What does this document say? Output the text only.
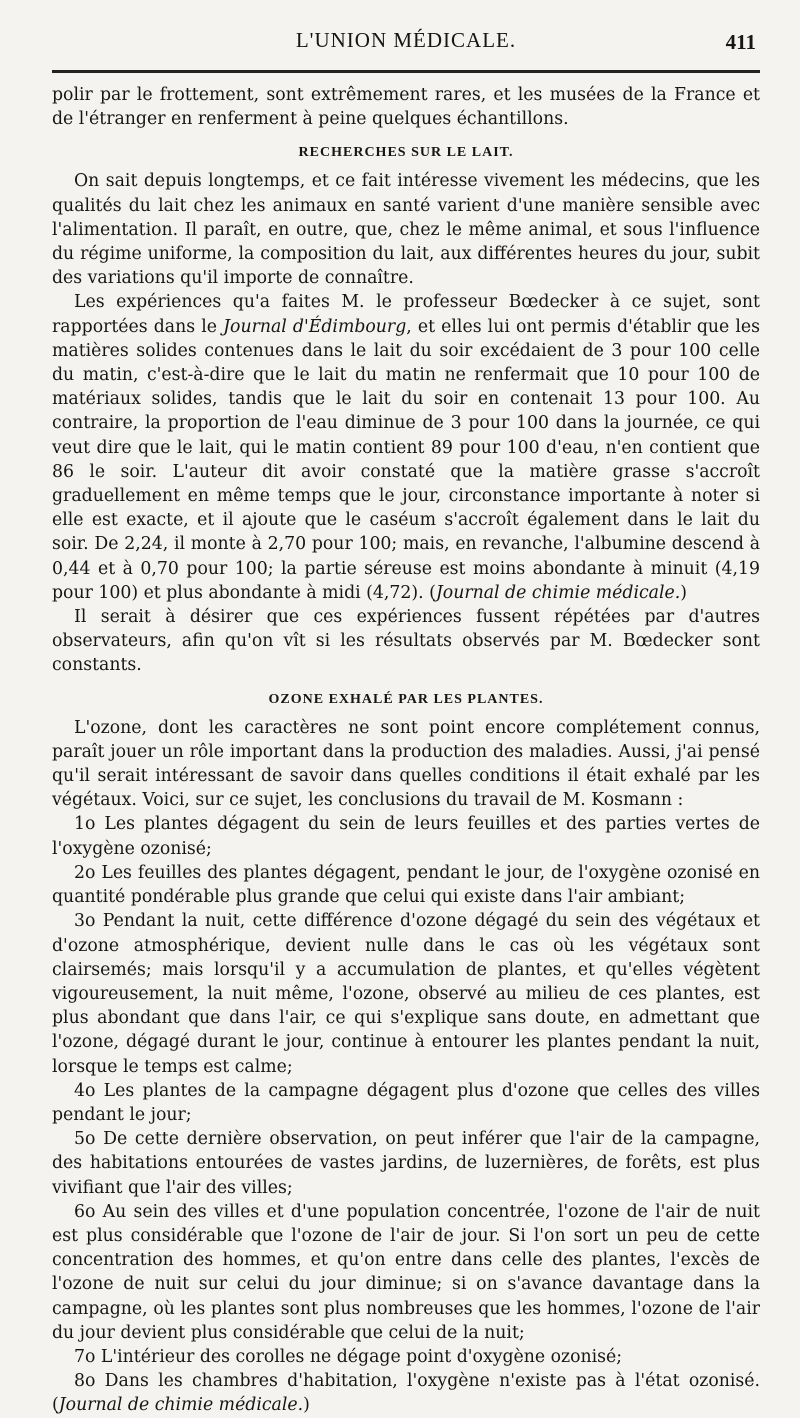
L'UNION MÉDICALE.	411

polir par le frottement, sont extrêmement rares, et les musées de la France et de l'étranger en renferment à peine quelques échantillons.

RECHERCHES SUR LE LAIT.

On sait depuis longtemps, et ce fait intéresse vivement les médecins, que les qualités du lait chez les animaux en santé varient d'une manière sensible avec l'alimentation. Il paraît, en outre, que, chez le même animal, et sous l'influence du régime uniforme, la composition du lait, aux différentes heures du jour, subit des variations qu'il importe de connaître.

Les expériences qu'a faites M. le professeur Bœdecker à ce sujet, sont rapportées dans le Journal d'Édimbourg, et elles lui ont permis d'établir que les matières solides contenues dans le lait du soir excédaient de 3 pour 100 celle du matin, c'est-à-dire que le lait du matin ne renfermait que 10 pour 100 de matériaux solides, tandis que le lait du soir en contenait 13 pour 100. Au contraire, la proportion de l'eau diminue de 3 pour 100 dans la journée, ce qui veut dire que le lait, qui le matin contient 89 pour 100 d'eau, n'en contient que 86 le soir. L'auteur dit avoir constaté que la matière grasse s'accroît graduellement en même temps que le jour, circonstance importante à noter si elle est exacte, et il ajoute que le caséum s'accroît également dans le lait du soir. De 2,24, il monte à 2,70 pour 100; mais, en revanche, l'albumine descend à 0,44 et à 0,70 pour 100; la partie séreuse est moins abondante à minuit (4,19 pour 100) et plus abondante à midi (4,72). (Journal de chimie médicale.)

Il serait à désirer que ces expériences fussent répétées par d'autres observateurs, afin qu'on vît si les résultats observés par M. Bœdecker sont constants.

OZONE EXHALÉ PAR LES PLANTES.

L'ozone, dont les caractères ne sont point encore complétement connus, paraît jouer un rôle important dans la production des maladies. Aussi, j'ai pensé qu'il serait intéressant de savoir dans quelles conditions il était exhalé par les végétaux. Voici, sur ce sujet, les conclusions du travail de M. Kosmann :

1o Les plantes dégagent du sein de leurs feuilles et des parties vertes de l'oxygène ozonisé;

2o Les feuilles des plantes dégagent, pendant le jour, de l'oxygène ozonisé en quantité pondérable plus grande que celui qui existe dans l'air ambiant;

3o Pendant la nuit, cette différence d'ozone dégagé du sein des végétaux et d'ozone atmosphérique, devient nulle dans le cas où les végétaux sont clairsemés; mais lorsqu'il y a accumulation de plantes, et qu'elles végètent vigoureusement, la nuit même, l'ozone, observé au milieu de ces plantes, est plus abondant que dans l'air, ce qui s'explique sans doute, en admettant que l'ozone, dégagé durant le jour, continue à entourer les plantes pendant la nuit, lorsque le temps est calme;

4o Les plantes de la campagne dégagent plus d'ozone que celles des villes pendant le jour;

5o De cette dernière observation, on peut inférer que l'air de la campagne, des habitations entourées de vastes jardins, de luzernières, de forêts, est plus vivifiant que l'air des villes;

6o Au sein des villes et d'une population concentrée, l'ozone de l'air de nuit est plus considérable que l'ozone de l'air de jour. Si l'on sort un peu de cette concentration des hommes, et qu'on entre dans celle des plantes, l'excès de l'ozone de nuit sur celui du jour diminue; si on s'avance davantage dans la campagne, où les plantes sont plus nombreuses que les hommes, l'ozone de l'air du jour devient plus considérable que celui de la nuit;

7o L'intérieur des corolles ne dégage point d'oxygène ozonisé;

8o Dans les chambres d'habitation, l'oxygène n'existe pas à l'état ozonisé. (Journal de chimie médicale.)
